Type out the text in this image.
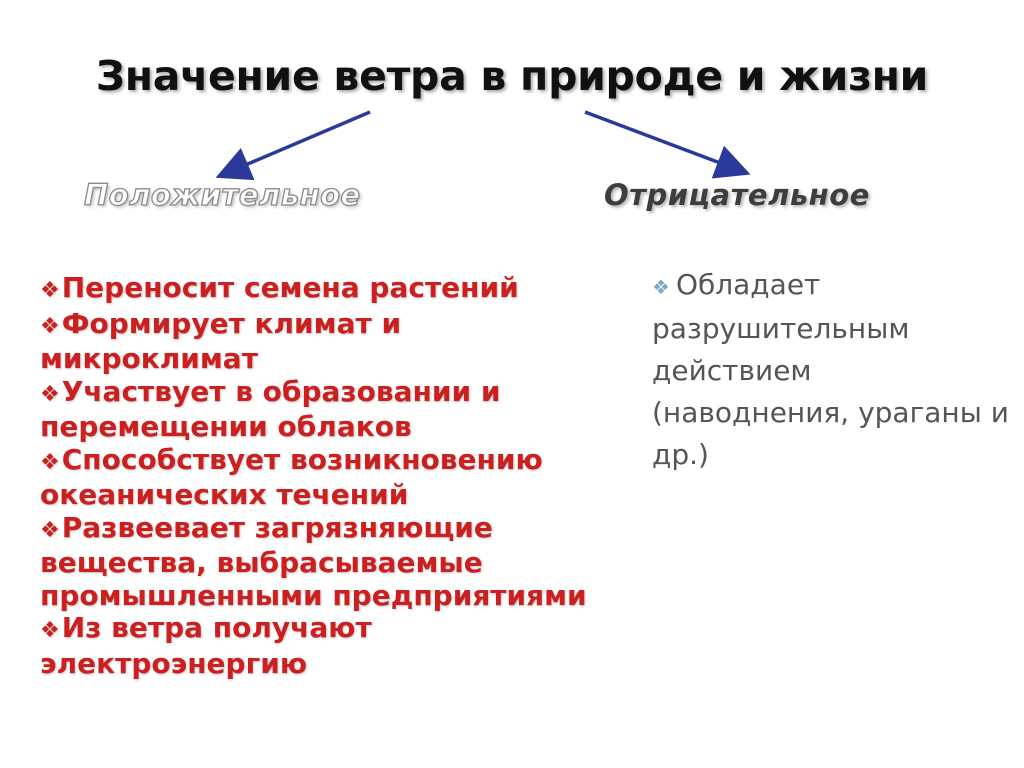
Значение ветра в природе и жизни
Положительное	Отрицательное
❖Переносит семена растений
❖Формирует климат и микроклимат
❖Участвует в образовании и перемещении облаков
❖Способствует возникновению океанических течений
❖Развеевает загрязняющие вещества, выбрасываемые промышленными предприятиями
❖Из ветра получают электроэнергию
❖ Обладает разрушительным действием (наводнения, ураганы и др.)
